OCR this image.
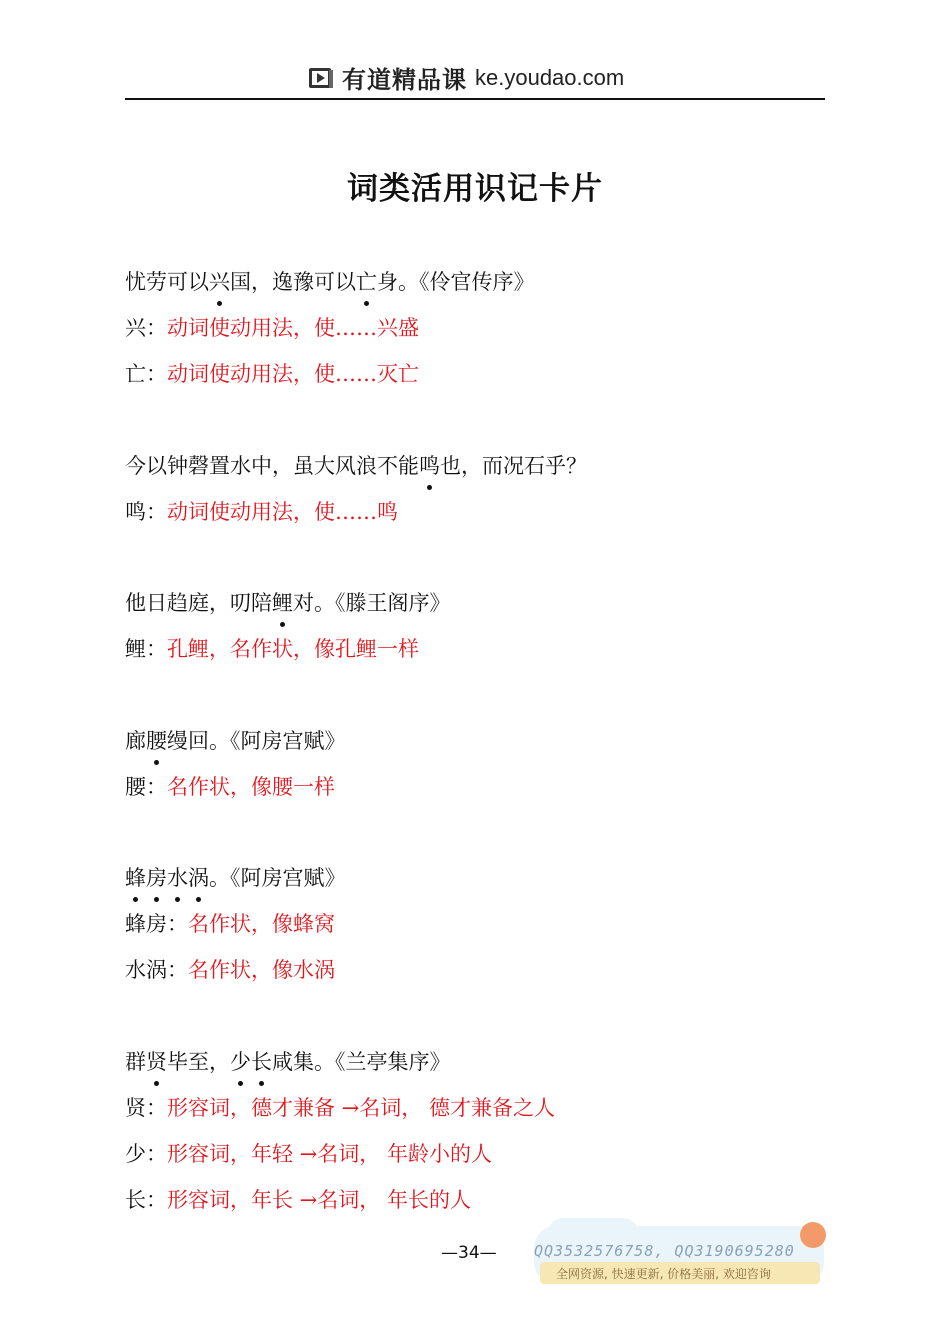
有道精品课 ke.youdao.com
词类活用识记卡片
忧劳可以兴国，逸豫可以亡身。《伶官传序》
兴：动词使动用法，使……兴盛
亡：动词使动用法，使……灭亡
今以钟磬置水中，虽大风浪不能鸣也，而况石乎？
鸣：动词使动用法，使……鸣
他日趋庭，叨陪鲤对。《滕王阁序》
鲤：孔鲤，名作状，像孔鲤一样
廊腰缦回。《阿房宫赋》
腰：名作状，像腰一样
蜂房水涡。《阿房宫赋》
蜂房：名作状，像蜂窝
水涡：名作状，像水涡
群贤毕至，少长咸集。《兰亭集序》
贤：形容词，德才兼备 →名词， 德才兼备之人
少：形容词，年轻 →名词， 年龄小的人
长：形容词，年长 →名词， 年长的人
—34— QQ3532576758, QQ3190695280
全网资源, 快速更新, 价格美丽, 欢迎咨询
